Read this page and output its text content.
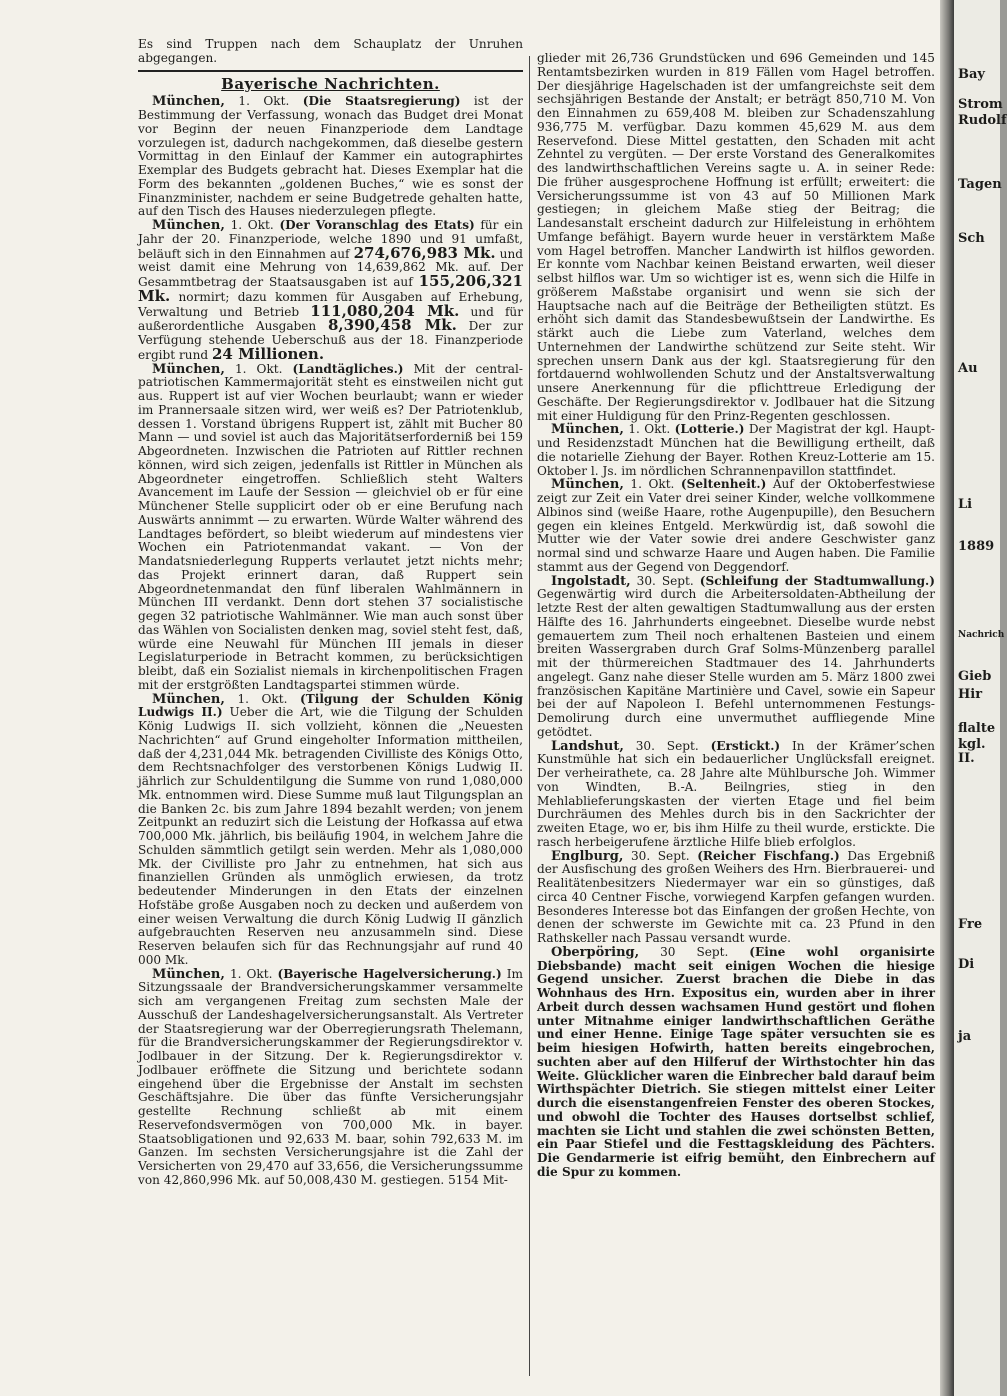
Es sind Truppen nach dem Schauplatz der Unruhen abgegangen.

Bayerische Nachrichten.

München, 1. Okt. (Die Staatsregierung) ist der Bestimmung der Verfassung, wonach das Budget drei Monat vor Beginn der neuen Finanzperiode dem Landtage vorzulegen ist, dadurch nachgekommen, daß dieselbe gestern Vormittag in den Einlauf der Kammer ein autographirtes Exemplar des Budgets gebracht hat. Dieses Exemplar hat die Form des bekannten „goldenen Buches,“ wie es sonst der Finanzminister, nachdem er seine Budgetrede gehalten hatte, auf den Tisch des Hauses niederzulegen pflegte.

München, 1. Okt. (Der Voranschlag des Etats) für ein Jahr der 20. Finanzperiode, welche 1890 und 91 umfaßt, beläuft sich in den Einnahmen auf 274,676,983 Mk. und weist damit eine Mehrung von 14,639,862 Mk. auf. Der Gesammtbetrag der Staatsausgaben ist auf 155,206,321 Mk. normirt; dazu kommen für Ausgaben auf Erhebung, Verwaltung und Betrieb 111,080,204 Mk. und für außerordentliche Ausgaben 8,390,458 Mk. Der zur Verfügung stehende Ueberschuß aus der 18. Finanzperiode ergibt rund 24 Millionen.

München, 1. Okt. (Landtägliches.) Mit der central-patriotischen Kammermajorität steht es einstweilen nicht gut aus. Ruppert ist auf vier Wochen beurlaubt; wann er wieder im Prannersaale sitzen wird, wer weiß es? Der Patriotenklub, dessen 1. Vorstand übrigens Ruppert ist, zählt mit Bucher 80 Mann — und soviel ist auch das Majoritätserforderniß bei 159 Abgeordneten. Inzwischen die Patrioten auf Rittler rechnen können, wird sich zeigen, jedenfalls ist Rittler in München als Abgeordneter eingetroffen. Schließlich steht Walters Avancement im Laufe der Session — gleichviel ob er für eine Münchener Stelle supplicirt oder ob er eine Berufung nach Auswärts annimmt — zu erwarten. Würde Walter während des Landtages befördert, so bleibt wiederum auf mindestens vier Wochen ein Patriotenmandat vakant. — Von der Mandatsniederlegung Rupperts verlautet jetzt nichts mehr; das Projekt erinnert daran, daß Ruppert sein Abgeordnetenmandat den fünf liberalen Wahlmännern in München III verdankt. Denn dort stehen 37 socialistische gegen 32 patriotische Wahlmänner. Wie man auch sonst über das Wählen von Socialisten denken mag, soviel steht fest, daß, würde eine Neuwahl für München III jemals in dieser Legislaturperiode in Betracht kommen, zu berücksichtigen bleibt, daß ein Sozialist niemals in kirchenpolitischen Fragen mit der erstgrößten Landtagspartei stimmen würde.

München, 1. Okt. (Tilgung der Schulden König Ludwigs II.) Ueber die Art, wie die Tilgung der Schulden König Ludwigs II. sich vollzieht, können die „Neuesten Nachrichten“ auf Grund eingeholter Information mittheilen, daß der 4,231,044 Mk. betragenden Civilliste des Königs Otto, dem Rechtsnachfolger des verstorbenen Königs Ludwig II. jährlich zur Schuldentilgung die Summe von rund 1,080,000 Mk. entnommen wird. Diese Summe muß laut Tilgungsplan an die Banken 2c. bis zum Jahre 1894 bezahlt werden; von jenem Zeitpunkt an reduzirt sich die Leistung der Hofkassa auf etwa 700,000 Mk. jährlich, bis beiläufig 1904, in welchem Jahre die Schulden sämmtlich getilgt sein werden. Mehr als 1,080,000 Mk. der Civilliste pro Jahr zu entnehmen, hat sich aus finanziellen Gründen als unmöglich erwiesen, da trotz bedeutender Minderungen in den Etats der einzelnen Hofstäbe große Ausgaben noch zu decken und außerdem von einer weisen Verwaltung die durch König Ludwig II gänzlich aufgebrauchten Reserven neu anzusammeln sind. Diese Reserven belaufen sich für das Rechnungsjahr auf rund 40 000 Mk.

München, 1. Okt. (Bayerische Hagelversicherung.) Im Sitzungssaale der Brandversicherungskammer versammelte sich am vergangenen Freitag zum sechsten Male der Ausschuß der Landeshagelversicherungsanstalt. Als Vertreter der Staatsregierung war der Oberregierungsrath Thelemann, für die Brandversicherungskammer der Regierungsdirektor v. Jodlbauer in der Sitzung. Der k. Regierungsdirektor v. Jodlbauer eröffnete die Sitzung und berichtete sodann eingehend über die Ergebnisse der Anstalt im sechsten Geschäftsjahre. Die über das fünfte Versicherungsjahr gestellte Rechnung schließt ab mit einem Reservefondsvermögen von 700,000 Mk. in bayer. Staatsobligationen und 92,633 M. baar, sohin 792,633 M. im Ganzen. Im sechsten Versicherungsjahre ist die Zahl der Versicherten von 29,470 auf 33,656, die Versicherungssumme von 42,860,996 Mk. auf 50,008,430 M. gestiegen. 5154 Mit-

glieder mit 26,736 Grundstücken und 696 Gemeinden und 145 Rentamtsbezirken wurden in 819 Fällen vom Hagel betroffen. Der diesjährige Hagelschaden ist der umfangreichste seit dem sechsjährigen Bestande der Anstalt; er beträgt 850,710 M. Von den Einnahmen zu 659,408 M. bleiben zur Schadenszahlung 936,775 M. verfügbar. Dazu kommen 45,629 M. aus dem Reservefond. Diese Mittel gestatten, den Schaden mit acht Zehntel zu vergüten. — Der erste Vorstand des Generalkomites des landwirthschaftlichen Vereins sagte u. A. in seiner Rede: Die früher ausgesprochene Hoffnung ist erfüllt; erweitert: die Versicherungssumme ist von 43 auf 50 Millionen Mark gestiegen; in gleichem Maße stieg der Beitrag; die Landesanstalt erscheint dadurch zur Hilfeleistung in erhöhtem Umfange befähigt. Bayern wurde heuer in verstärktem Maße vom Hagel betroffen. Mancher Landwirth ist hilflos geworden. Er konnte vom Nachbar keinen Beistand erwarten, weil dieser selbst hilflos war. Um so wichtiger ist es, wenn sich die Hilfe in größerem Maßstabe organisirt und wenn sie sich der Hauptsache nach auf die Beiträge der Betheiligten stützt. Es erhöht sich damit das Standesbewußtsein der Landwirthe. Es stärkt auch die Liebe zum Vaterland, welches dem Unternehmen der Landwirthe schützend zur Seite steht. Wir sprechen unsern Dank aus der kgl. Staatsregierung für den fortdauernd wohlwollenden Schutz und der Anstaltsverwaltung unsere Anerkennung für die pflichttreue Erledigung der Geschäfte. Der Regierungsdirektor v. Jodlbauer hat die Sitzung mit einer Huldigung für den Prinz-Regenten geschlossen.

München, 1. Okt. (Lotterie.) Der Magistrat der kgl. Haupt- und Residenzstadt München hat die Bewilligung ertheilt, daß die notarielle Ziehung der Bayer. Rothen Kreuz-Lotterie am 15. Oktober l. Js. im nördlichen Schrannenpavillon stattfindet.

München, 1. Okt. (Seltenheit.) Auf der Oktoberfestwiese zeigt zur Zeit ein Vater drei seiner Kinder, welche vollkommene Albinos sind (weiße Haare, rothe Augenpupille), den Besuchern gegen ein kleines Entgeld. Merkwürdig ist, daß sowohl die Mutter wie der Vater sowie drei andere Geschwister ganz normal sind und schwarze Haare und Augen haben. Die Familie stammt aus der Gegend von Deggendorf.

Ingolstadt, 30. Sept. (Schleifung der Stadtumwallung.) Gegenwärtig wird durch die Arbeitersoldaten-Abtheilung der letzte Rest der alten gewaltigen Stadtumwallung aus der ersten Hälfte des 16. Jahrhunderts eingeebnet. Dieselbe wurde nebst gemauertem zum Theil noch erhaltenen Basteien und einem breiten Wassergraben durch Graf Solms-Münzenberg parallel mit der thürmereichen Stadtmauer des 14. Jahrhunderts angelegt. Ganz nahe dieser Stelle wurden am 5. März 1800 zwei französischen Kapitäne Martinière und Cavel, sowie ein Sapeur bei der auf Napoleon I. Befehl unternommenen Festungs-Demolirung durch eine unvermuthet auffliegende Mine getödtet.

Landshut, 30. Sept. (Erstickt.) In der Krämer’schen Kunstmühle hat sich ein bedauerlicher Unglücksfall ereignet. Der verheirathete, ca. 28 Jahre alte Mühlbursche Joh. Wimmer von Windten, B.-A. Beilngries, stieg in den Mehlablieferungskasten der vierten Etage und fiel beim Durchräumen des Mehles durch bis in den Sackrichter der zweiten Etage, wo er, bis ihm Hilfe zu theil wurde, erstickte. Die rasch herbeigerufene ärztliche Hilfe blieb erfolglos.

Englburg, 30. Sept. (Reicher Fischfang.) Das Ergebniß der Ausfischung des großen Weihers des Hrn. Bierbrauerei- und Realitätenbesitzers Niedermayer war ein so günstiges, daß circa 40 Centner Fische, vorwiegend Karpfen gefangen wurden. Besonderes Interesse bot das Einfangen der großen Hechte, von denen der schwerste im Gewichte mit ca. 23 Pfund in den Rathskeller nach Passau versandt wurde.

Oberpöring, 30 Sept. (Eine wohl organisirte Diebsbande) macht seit einigen Wochen die hiesige Gegend unsicher. Zuerst brachen die Diebe in das Wohnhaus des Hrn. Expositus ein, wurden aber in ihrer Arbeit durch dessen wachsamen Hund gestört und flohen unter Mitnahme einiger landwirthschaftlichen Geräthe und einer Henne. Einige Tage später versuchten sie es beim hiesigen Hofwirth, hatten bereits eingebrochen, suchten aber auf den Hilferuf der Wirthstochter hin das Weite. Glücklicher waren die Einbrecher bald darauf beim Wirthspächter Dietrich. Sie stiegen mittelst einer Leiter durch die eisenstangenfreien Fenster des oberen Stockes, und obwohl die Tochter des Hauses dortselbst schlief, machten sie Licht und stahlen die zwei schönsten Betten, ein Paar Stiefel und die Festtagskleidung des Pächters. Die Gendarmerie ist eifrig bemüht, den Einbrechern auf die Spur zu kommen.

Bay
Strom
Rudolf
Tagen
Sch
Au
Li
1889
Nachrich
Gieb
Hir
flalte
kgl.
II.
Fre
Di
ja
